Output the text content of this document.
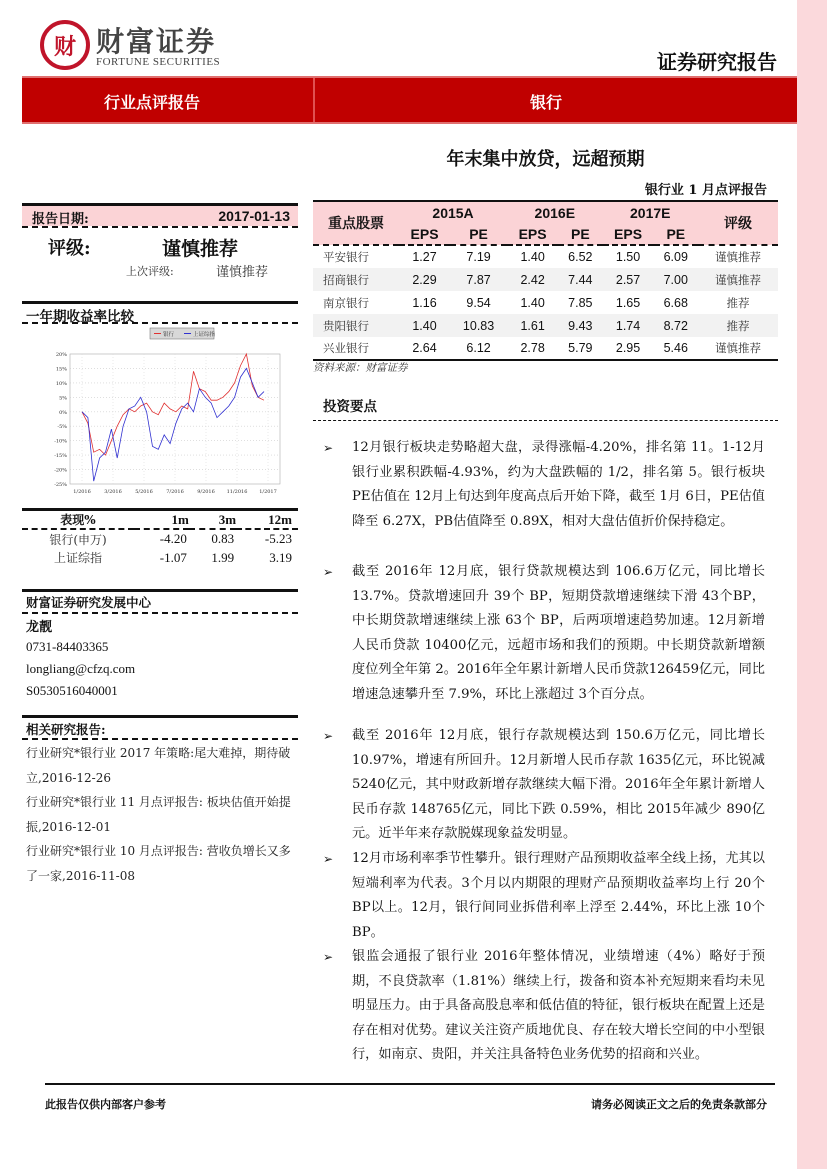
财 财富证券
FORTUNE SECURITIES	证券研究报告
行业点评报告	银行
年末集中放贷，远超预期
银行业 1 月点评报告
报告日期:	2017-01-13
评级:	谨慎推荐
上次评级:	谨慎推荐
一年期收益率比较
20%
15%
10%
5%
0%
-5%
-10%
-15%
-20%
-25%
1/2016	3/2016	5/2016	7/2016	9/2016 11/2016 1/2017
银行	上证综指
表现%	1m	3m	12m
银行(申万)	-4.20	0.83	-5.23
上证综指	-1.07	1.99	3.19
财富证券研究发展中心
龙靓
0731-84403365
longliang@cfzq.com
S0530516040001
相关研究报告:
行业研究*银行业 2017 年策略:尾大难掉，期待破立,2016-12-26
行业研究*银行业 11 月点评报告: 板块估值开始提振,2016-12-01
行业研究*银行业 10 月点评报告: 营收负增长又多了一家,2016-11-08
重点股票	2015A		2016E		2017E		评级
	EPS	PE	EPS	PE	EPS	PE	
平安银行	1.27	7.19	1.40	6.52	1.50	6.09	谨慎推荐
招商银行	2.29	7.87	2.42	7.44	2.57	7.00	谨慎推荐
南京银行	1.16	9.54	1.40	7.85	1.65	6.68	推荐
贵阳银行	1.40	10.83	1.61	9.43	1.74	8.72	推荐
兴业银行	2.64	6.12	2.78	5.79	2.95	5.46	谨慎推荐
资料来源：财富证券
投资要点
➢ 12月银行板块走势略超大盘，录得涨幅-4.20%，排名第 11。1-12月银行业累积跌幅-4.93%，约为大盘跌幅的 1/2，排名第 5。银行板块PE估值在 12月上旬达到年度高点后开始下降，截至 1月 6日，PE估值降至 6.27X，PB估值降至 0.89X，相对大盘估值折价保持稳定。

➢ 截至 2016年 12月底，银行贷款规模达到 106.6万亿元，同比增长 13.7%。贷款增速回升 39个 BP，短期贷款增速继续下滑 43个BP，中长期贷款增速继续上涨 63个 BP，后两项增速趋势加速。12月新增人民币贷款 10400亿元，远超市场和我们的预期。中长期贷款新增额度位列全年第 2。2016年全年累计新增人民币贷款126459亿元，同比增速急速攀升至 7.9%，环比上涨超过 3个百分点。

➢ 截至 2016年 12月底，银行存款规模达到 150.6万亿元，同比增长 10.97%，增速有所回升。12月新增人民币存款 1635亿元，环比锐减 5240亿元，其中财政新增存款继续大幅下滑。2016年全年累计新增人民币存款 148765亿元，同比下跌 0.59%，相比 2015年减少 890亿元。近半年来存款脱媒现象益发明显。

➢ 12月市场利率季节性攀升。银行理财产品预期收益率全线上扬，尤其以短端利率为代表。3个月以内期限的理财产品预期收益率均上行 20个 BP以上。12月，银行间同业拆借利率上浮至 2.44%，环比上涨 10个 BP。

➢ 银监会通报了银行业 2016年整体情况，业绩增速（4%）略好于预期，不良贷款率（1.81%）继续上行，拨备和资本补充短期来看均未见明显压力。由于具备高股息率和低估值的特征，银行板块在配置上还是存在相对优势。建议关注资产质地优良、存在较大增长空间的中小型银行，如南京、贵阳，并关注具备特色业务优势的招商和兴业。

此报告仅供内部客户参考	请务必阅读正文之后的免责条款部分
